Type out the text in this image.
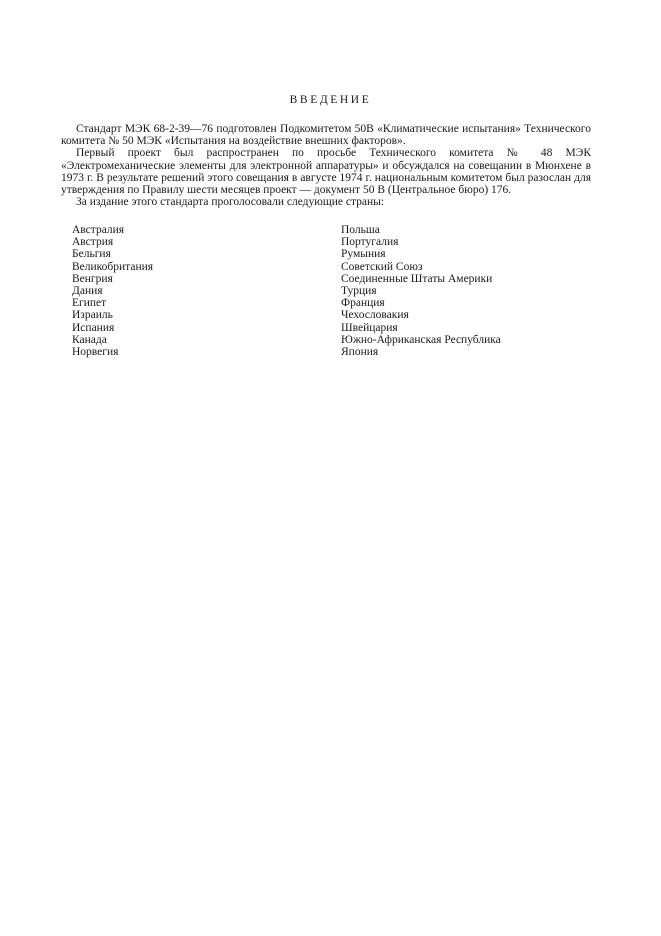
ВВЕДЕНИЕ

Стандарт МЭК 68-2-39—76 подготовлен Подкомитетом 50В «Климатические испытания» Технического комитета № 50 МЭК «Испытания на воздействие внешних факторов».

Первый проект был распространен по просьбе Технического комитета № 48 МЭК «Электромеханические элементы для электронной аппаратуры» и обсуждался на совещании в Мюнхене в 1973 г. В результате решений этого совещания в августе 1974 г. национальным комитетом был разослан для утверждения по Правилу шести месяцев проект — документ 50 В (Центральное бюро) 176.

За издание этого стандарта проголосовали следующие страны:

Австралия
Австрия
Бельгия
Великобритания
Венгрия
Дания
Египет
Израиль
Испания
Канада
Норвегия
Польша
Португалия
Румыния
Советский Союз
Соединенные Штаты Америки
Турция
Франция
Чехословакия
Швейцария
Южно-Африканская Республика
Япония
